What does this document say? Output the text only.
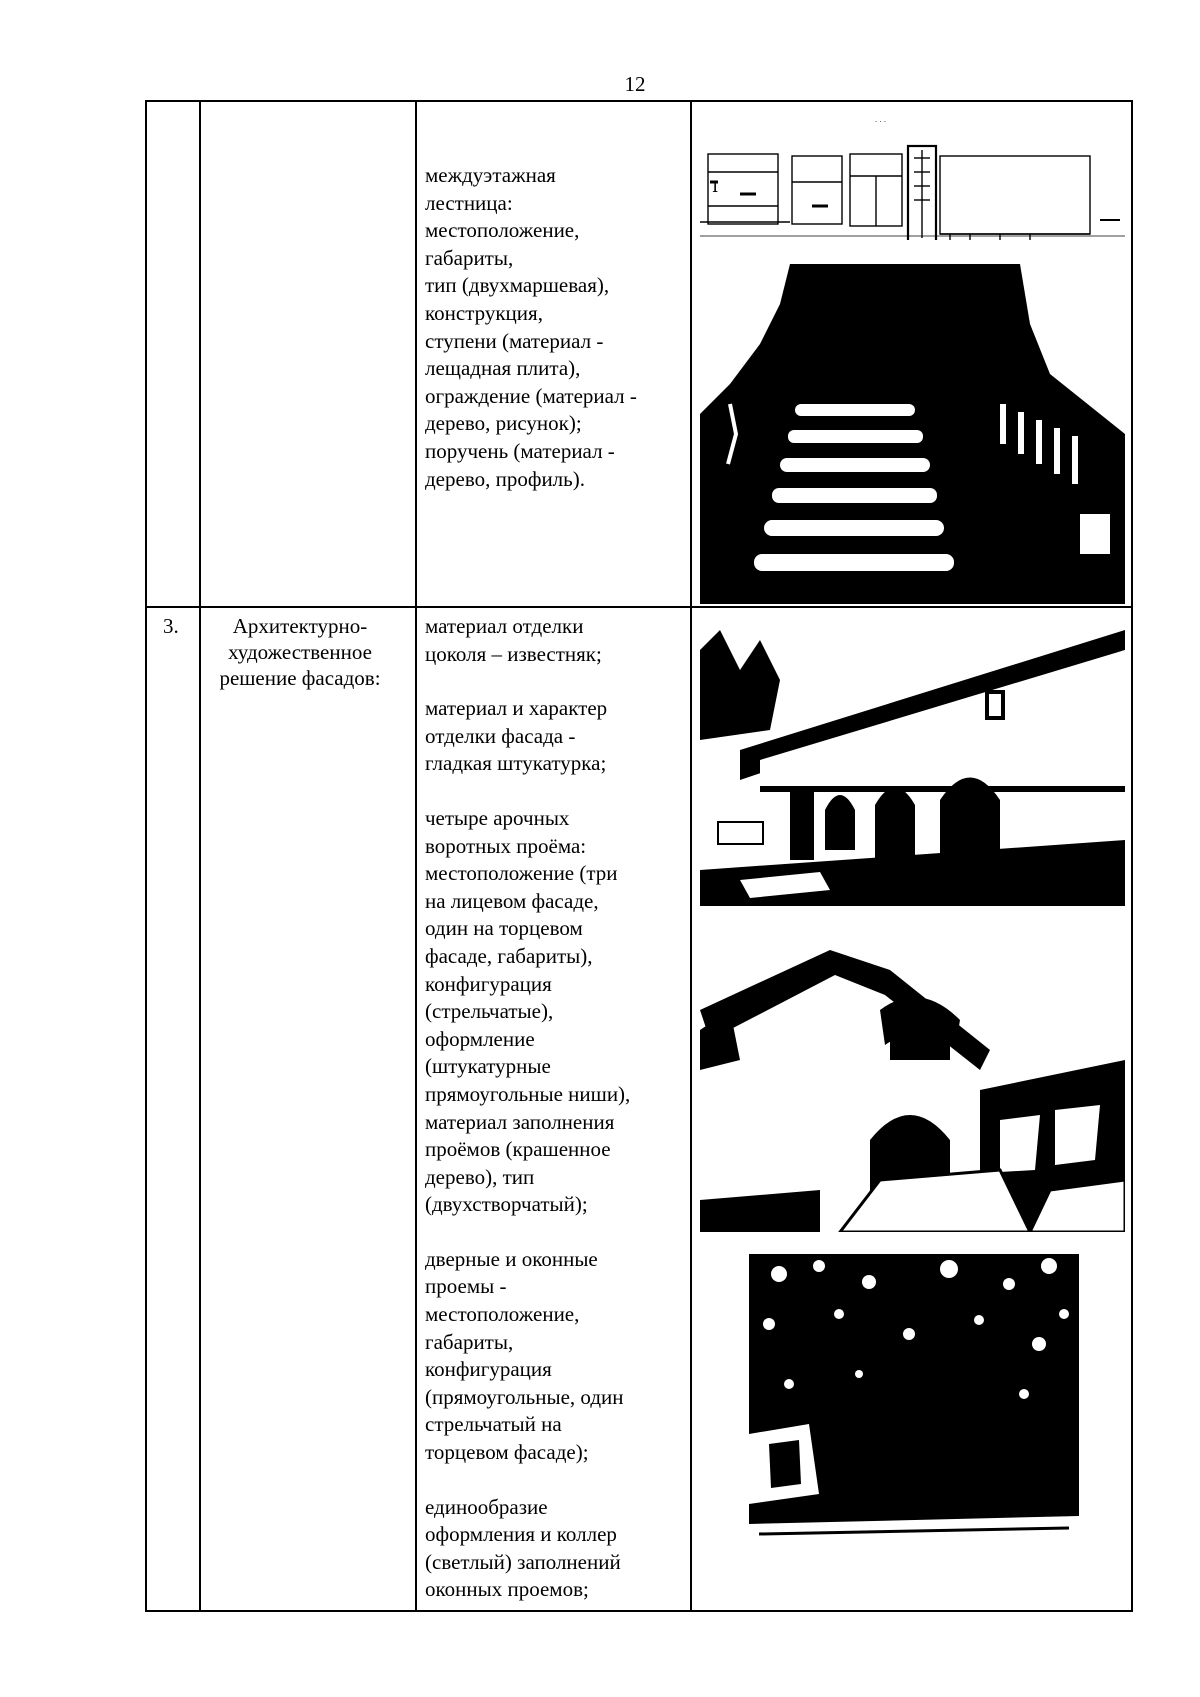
12
междуэтажная
лестница:
местоположение,
габариты,
тип (двухмаршевая),
конструкция,
ступени (материал -
лещадная плита),
ограждение (материал -
дерево, рисунок);
поручень (материал -
дерево, профиль).
· · ·
I
3.	Архитектурно-
художественное
решение фасадов:
материал отделки
цоколя – известняк;
материал и характер
отделки фасада -
гладкая штукатурка;
четыре арочных
воротных проёма:
местоположение (три
на лицевом фасаде,
один на торцевом
фасаде, габариты),
конфигурация
(стрельчатые),
оформление
(штукатурные
прямоугольные ниши),
материал заполнения
проёмов (крашенное
дерево), тип
(двухстворчатый);
дверные и оконные
проемы -
местоположение,
габариты,
конфигурация
(прямоугольные, один
стрельчатый на
торцевом фасаде);
единообразие
оформления и коллер
(светлый) заполнений
оконных проемов;
